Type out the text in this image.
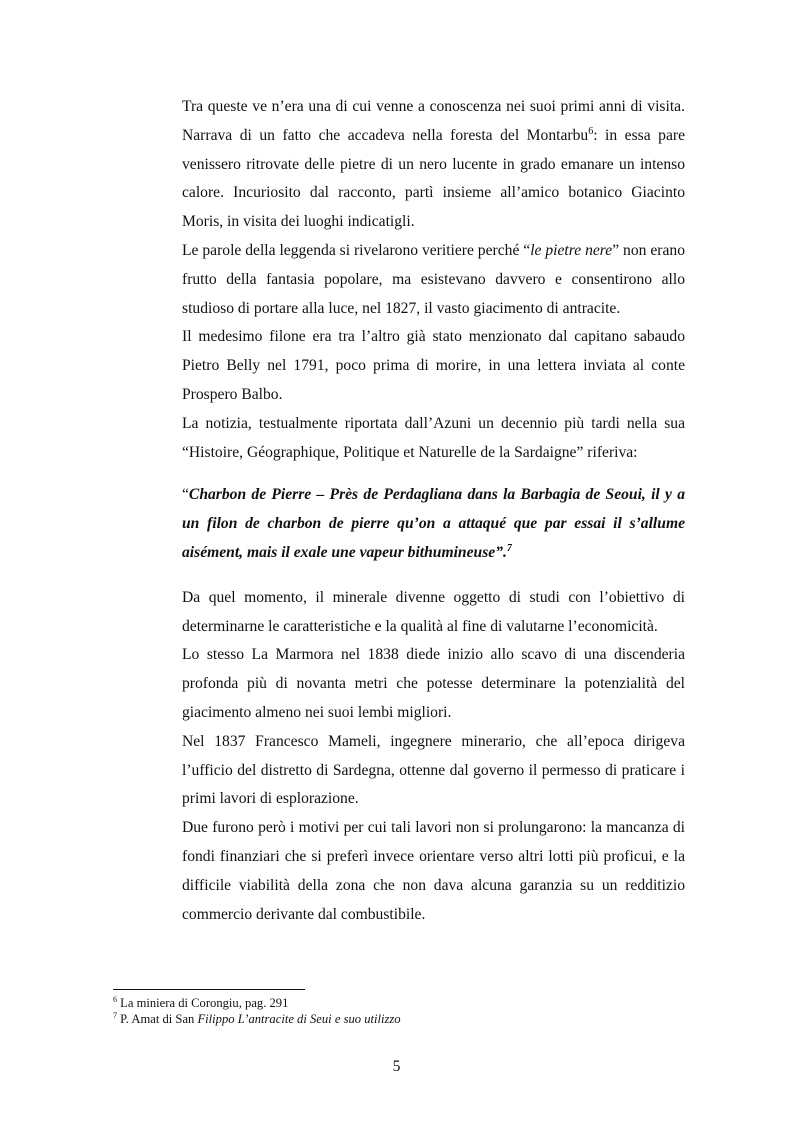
Tra queste ve n’era una di cui venne a conoscenza nei suoi primi anni di visita. Narrava di un fatto che accadeva nella foresta del Montarbu$^6$: in essa pare venissero ritrovate delle pietre di un nero lucente in grado emanare un intenso calore. Incuriosito dal racconto, partì insieme all’amico botanico Giacinto Moris, in visita dei luoghi indicatigli.

Le parole della leggenda si rivelarono veritiere perché “le pietre nere” non erano frutto della fantasia popolare, ma esistevano davvero e consentirono allo studioso di portare alla luce, nel 1827, il vasto giacimento di antracite.

Il medesimo filone era tra l’altro già stato menzionato dal capitano sabaudo Pietro Belly nel 1791, poco prima di morire, in una lettera inviata al conte Prospero Balbo.

La notizia, testualmente riportata dall’Azuni un decennio più tardi nella sua “Histoire, Géographique, Politique et Naturelle de la Sardaigne” riferiva:

“Charbon de Pierre – Près de Perdagliana dans la Barbagia de Seoui, il y a un filon de charbon de pierre qu’on a attaqué que par essai il s’allume aisément, mais il exale une vapeur bithumineuse”.$^7$

Da quel momento, il minerale divenne oggetto di studi con l’obiettivo di determinarne le caratteristiche e la qualità al fine di valutarne l’economicità.

Lo stesso La Marmora nel 1838 diede inizio allo scavo di una discenderia profonda più di novanta metri che potesse determinare la potenzialità del giacimento almeno nei suoi lembi migliori.

Nel 1837 Francesco Mameli, ingegnere minerario, che all’epoca dirigeva l’ufficio del distretto di Sardegna, ottenne dal governo il permesso di praticare i primi lavori di esplorazione.

Due furono però i motivi per cui tali lavori non si prolungarono: la mancanza di fondi finanziari che si preferì invece orientare verso altri lotti più proficui, e la difficile viabilità della zona che non dava alcuna garanzia su un redditizio commercio derivante dal combustibile.

$^6$ La miniera di Corongiu, pag. 291
$^7$ P. Amat di San Filippo L’antracite di Seui e suo utilizzo
5
